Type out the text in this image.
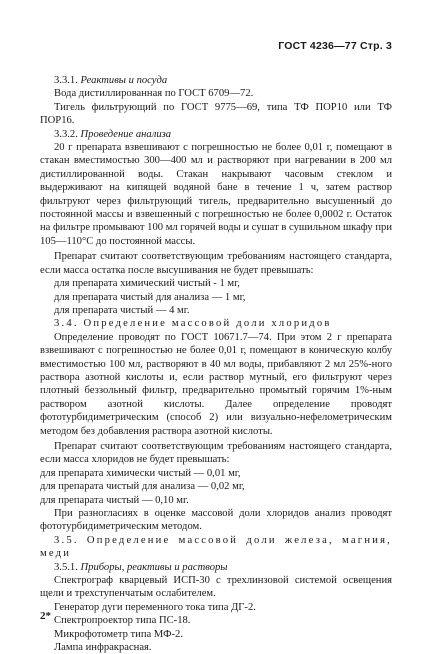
ГОСТ 4236—77 Стр. 3

3.3.1. Реактивы и посуда

Вода дистиллированная по ГОСТ 6709—72.

Тигель фильтрующий по ГОСТ 9775—69, типа ТФ ПОР10 или ТФ ПОР16.

3.3.2. Проведение анализа

20 г препарата взвешивают с погрешностью не более 0,01 г, помещают в стакан вместимостью 300—400 мл и растворяют при нагревании в 200 мл дистиллированной воды. Стакан накрывают часовым стеклом и выдерживают на кипящей водяной бане в течение 1 ч, затем раствор фильтруют через фильтрующий тигель, предварительно высушенный до постоянной массы и взвешенный с погрешностью не более 0,0002 г. Остаток на фильтре промывают 100 мл горячей воды и сушат в сушильном шкафу при 105—110°С до постоянной массы.

Препарат считают соответствующим требованиям настоящего стандарта, если масса остатка после высушивания не будет превышать:

для препарата химический чистый - 1 мг,

для препарата чистый для анализа — 1 мг,

для препарата чистый — 4 мг.

3.4. Определение массовой доли хлоридов

Определение проводят по ГОСТ 10671.7—74. При этом 2 г препарата взвешивают с погрешностью не более 0,01 г, помещают в коническую колбу вместимостью 100 мл, растворяют в 40 мл воды, прибавляют 2 мл 25%-ного раствора азотной кислоты и, если раствор мутный, его фильтруют через плотный беззольный фильтр, предварительно промытый горячим 1%-ным раствором азотной кислоты. Далее определение проводят фототурбидиметрическим (способ 2) или визуально-нефелометрическим методом без добавления раствора азотной кислоты.

Препарат считают соответствующим требованиям настоящего стандарта, если масса хлоридов не будет превышать:

для препарата химически чистый — 0,01 мг,

для препарата чистый для анализа — 0,02 мг,

для препарата чистый — 0,10 мг.

При разногласиях в оценке массовой доли хлоридов анализ проводят фототурбидиметрическим методом.

3.5. Определение массовой доли железа, магния, меди

3.5.1. Приборы, реактивы и растворы

Спектрограф кварцевый ИСП-30 с трехлинзовой системой освещения щели и трехступенчатым ослабителем.

Генератор дуги переменного тока типа ДГ-2.

Спектропроектор типа ПС-18.

Микрофотометр типа МФ-2.

Лампа инфракрасная.

2*
